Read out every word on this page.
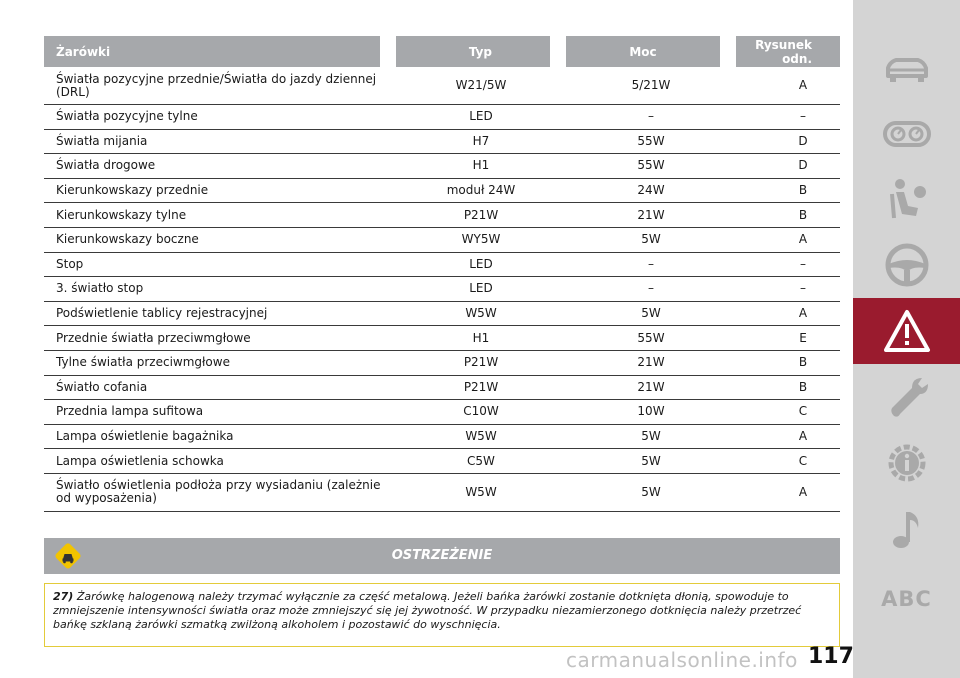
Żarówki	Typ	Moc	Rysunek odn.
Światła pozycyjne przednie/Światła do jazdy dziennej (DRL)	W21/5W	5/21W	A
Światła pozycyjne tylne	LED	–	–
Światła mijania	H7	55W	D
Światła drogowe	H1	55W	D
Kierunkowskazy przednie	moduł 24W	24W	B
Kierunkowskazy tylne	P21W	21W	B
Kierunkowskazy boczne	WY5W	5W	A
Stop	LED	–	–
3. światło stop	LED	–	–
Podświetlenie tablicy rejestracyjnej	W5W	5W	A
Przednie światła przeciwmgłowe	H1	55W	E
Tylne światła przeciwmgłowe	P21W	21W	B
Światło cofania	P21W	21W	B
Przednia lampa sufitowa	C10W	10W	C
Lampa oświetlenie bagażnika	W5W	5W	A
Lampa oświetlenia schowka	C5W	5W	C
Światło oświetlenia podłoża przy wysiadaniu (zależnie od wyposażenia)	W5W	5W	A
OSTRZEŻENIE
27) Żarówkę halogenową należy trzymać wyłącznie za część metalową. Jeżeli bańka żarówki zostanie dotknięta dłonią, spowoduje to zmniejszenie intensywności światła oraz może zmniejszyć się jej żywotność. W przypadku niezamierzonego dotknięcia należy przetrzeć bańkę szklaną żarówki szmatką zwilżoną alkoholem i pozostawić do wyschnięcia.
ABC
carmanualsonline.info 117
